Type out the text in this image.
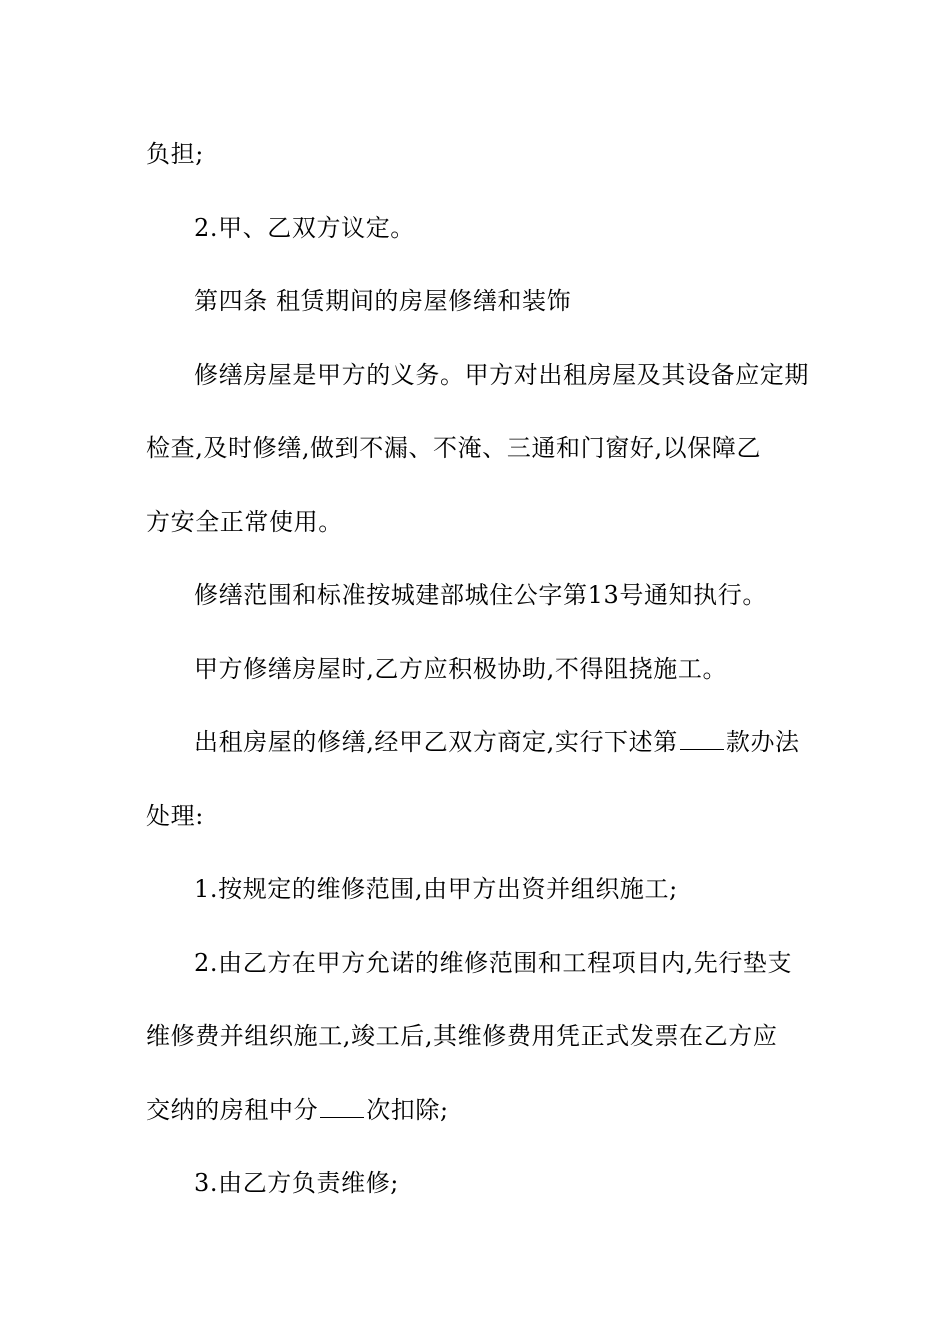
负担;
2.甲、乙双方议定。
第四条 租赁期间的房屋修缮和装饰
修缮房屋是甲方的义务。甲方对出租房屋及其设备应定期
检查,及时修缮,做到不漏、不淹、三通和门窗好,以保障乙
方安全正常使用。
修缮范围和标准按城建部城住公字第13号通知执行。
甲方修缮房屋时,乙方应积极协助,不得阻挠施工。
出租房屋的修缮,经甲乙双方商定,实行下述第 款办法
处理:
1.按规定的维修范围,由甲方出资并组织施工;
2.由乙方在甲方允诺的维修范围和工程项目内,先行垫支
维修费并组织施工,竣工后,其维修费用凭正式发票在乙方应
交纳的房租中分 次扣除;
3.由乙方负责维修;
